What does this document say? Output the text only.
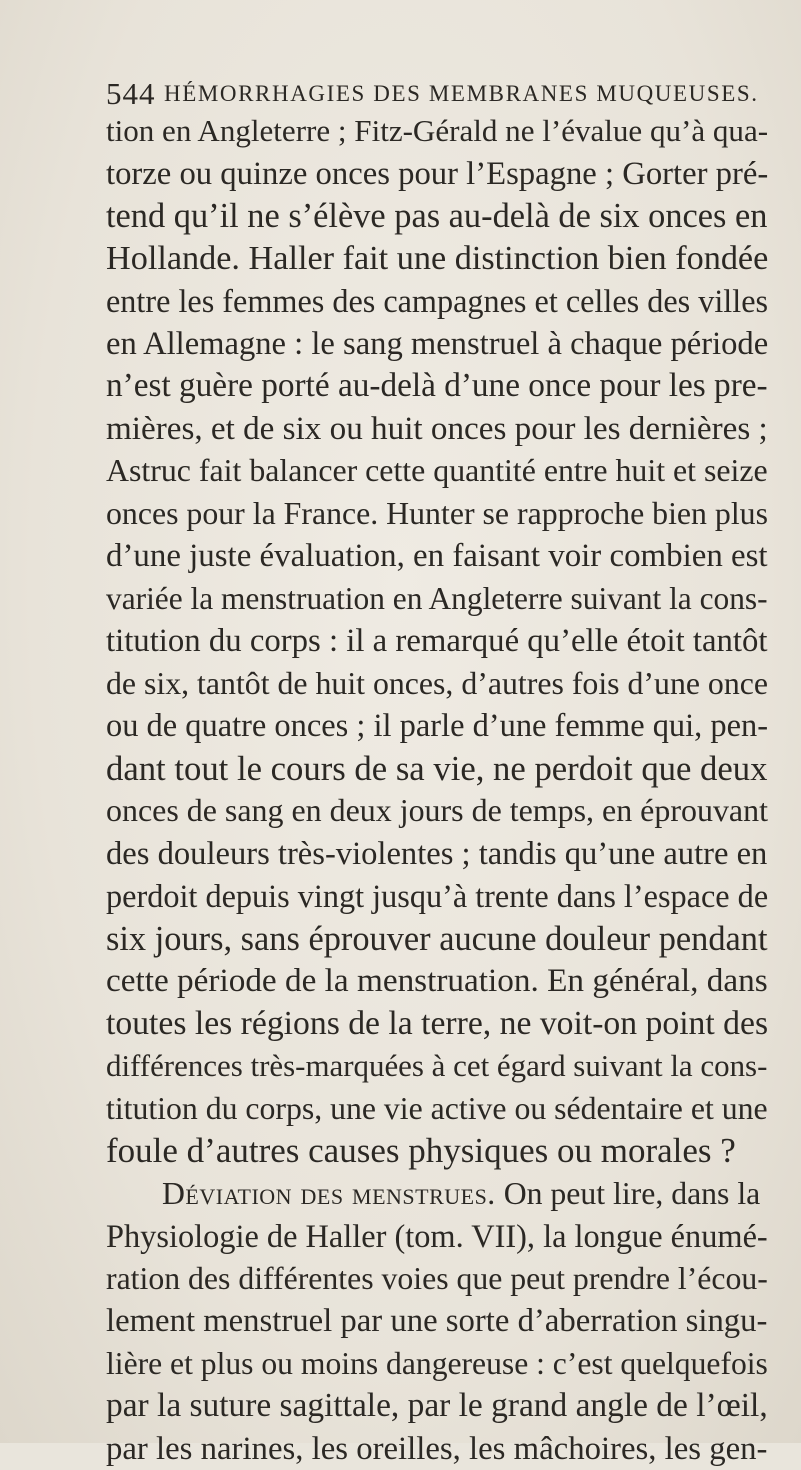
544 HÉMORRHAGIES DES MEMBRANES MUQUEUSES.
tion en Angleterre ; Fitz-Gérald ne l’évalue qu’à qua-
torze ou quinze onces pour l’Espagne ; Gorter pré-
tend qu’il ne s’élève pas au-delà de six onces en
Hollande. Haller fait une distinction bien fondée
entre les femmes des campagnes et celles des villes
en Allemagne : le sang menstruel à chaque période
n’est guère porté au-delà d’une once pour les pre-
mières, et de six ou huit onces pour les dernières ;
Astruc fait balancer cette quantité entre huit et seize
onces pour la France. Hunter se rapproche bien plus
d’une juste évaluation, en faisant voir combien est
variée la menstruation en Angleterre suivant la cons-
titution du corps : il a remarqué qu’elle étoit tantôt
de six, tantôt de huit onces, d’autres fois d’une once
ou de quatre onces ; il parle d’une femme qui, pen-
dant tout le cours de sa vie, ne perdoit que deux
onces de sang en deux jours de temps, en éprouvant
des douleurs très-violentes ; tandis qu’une autre en
perdoit depuis vingt jusqu’à trente dans l’espace de
six jours, sans éprouver aucune douleur pendant
cette période de la menstruation. En général, dans
toutes les régions de la terre, ne voit-on point des
différences très-marquées à cet égard suivant la cons-
titution du corps, une vie active ou sédentaire et une
foule d’autres causes physiques ou morales ?
Déviation des menstrues. On peut lire, dans la
Physiologie de Haller (tom. VII), la longue énumé-
ration des différentes voies que peut prendre l’écou-
lement menstruel par une sorte d’aberration singu-
lière et plus ou moins dangereuse : c’est quelquefois
par la suture sagittale, par le grand angle de l’œil,
par les narines, les oreilles, les mâchoires, les gen-
